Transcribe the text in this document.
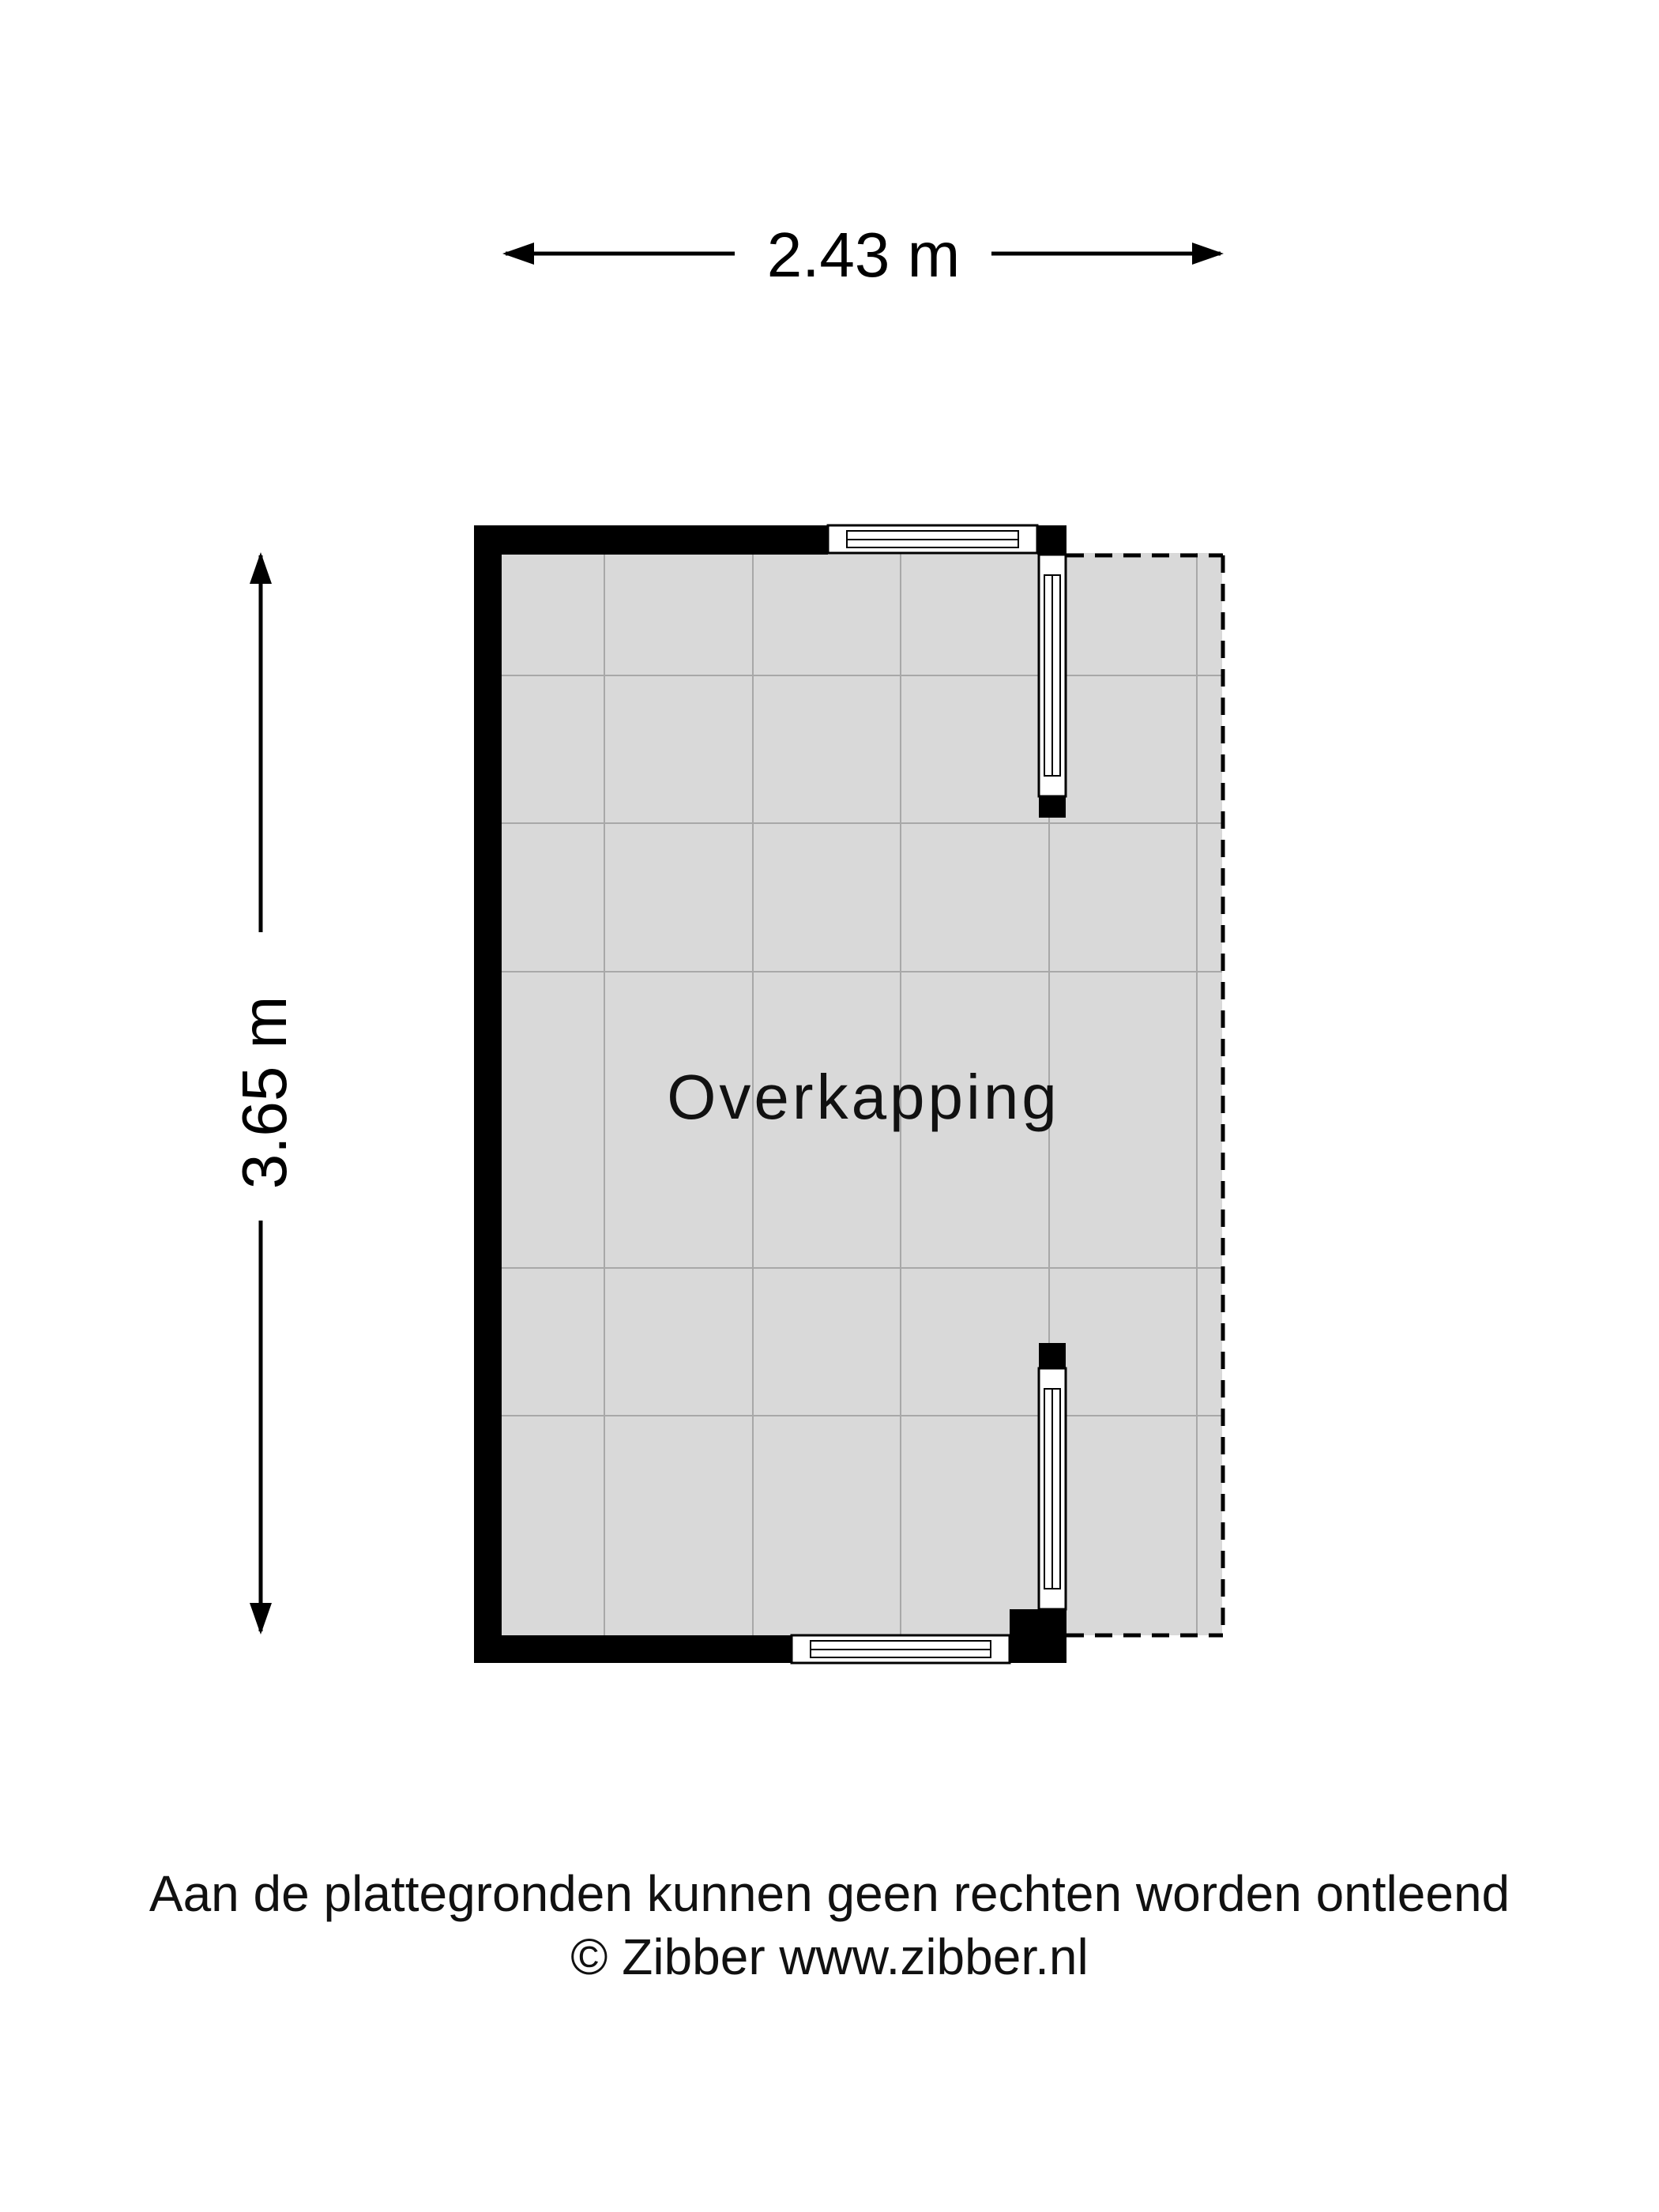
2.43 m
3.65 m	Overkapping
Aan de plattegronden kunnen geen rechten worden ontleend
© Zibber www.zibber.nl
